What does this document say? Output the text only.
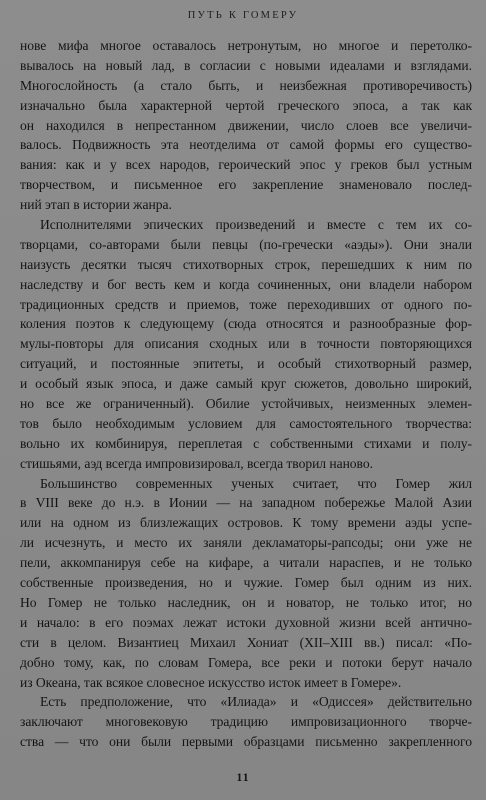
ПУТЬ К ГОМЕРУ
нове мифа многое оставалось нетронутым, но многое и перетолко-
вывалось на новый лад, в согласии с новыми идеалами и взглядами.
Многослойность (а стало быть, и неизбежная противоречивость)
изначально была характерной чертой греческого эпоса, а так как
он находился в непрестанном движении, число слоев все увеличи-
валось. Подвижность эта неотделима от самой формы его существо-
вания: как и у всех народов, героический эпос у греков был устным
творчеством, и письменное его закрепление знаменовало послед-
ний этап в истории жанра.
Исполнителями эпических произведений и вместе с тем их со-
творцами, со-авторами были певцы (по-гречески «аэды»). Они знали
наизусть десятки тысяч стихотворных строк, перешедших к ним по
наследству и бог весть кем и когда сочиненных, они владели набором
традиционных средств и приемов, тоже переходивших от одного по-
коления поэтов к следующему (сюда относятся и разнообразные фор-
мулы-повторы для описания сходных или в точности повторяющихся
ситуаций, и постоянные эпитеты, и особый стихотворный размер,
и особый язык эпоса, и даже самый круг сюжетов, довольно широкий,
но все же ограниченный). Обилие устойчивых, неизменных элемен-
тов было необходимым условием для самостоятельного творчества:
вольно их комбинируя, переплетая с собственными стихами и полу-
стишьями, аэд всегда импровизировал, всегда творил наново.
Большинство современных ученых считает, что Гомер жил
в VIII веке до н.э. в Ионии — на западном побережье Малой Азии
или на одном из близлежащих островов. К тому времени аэды успе-
ли исчезнуть, и место их заняли декламаторы-рапсоды; они уже не
пели, аккомпанируя себе на кифаре, а читали нараспев, и не только
собственные произведения, но и чужие. Гомер был одним из них.
Но Гомер не только наследник, он и новатор, не только итог, но
и начало: в его поэмах лежат истоки духовной жизни всей антично-
сти в целом. Византиец Михаил Хониат (XII–XIII вв.) писал: «По-
добно тому, как, по словам Гомера, все реки и потоки берут начало
из Океана, так всякое словесное искусство исток имеет в Гомере».
Есть предположение, что «Илиада» и «Одиссея» действительно
заключают многовековую традицию импровизационного творче-
ства — что они были первыми образцами письменно закрепленного
11
